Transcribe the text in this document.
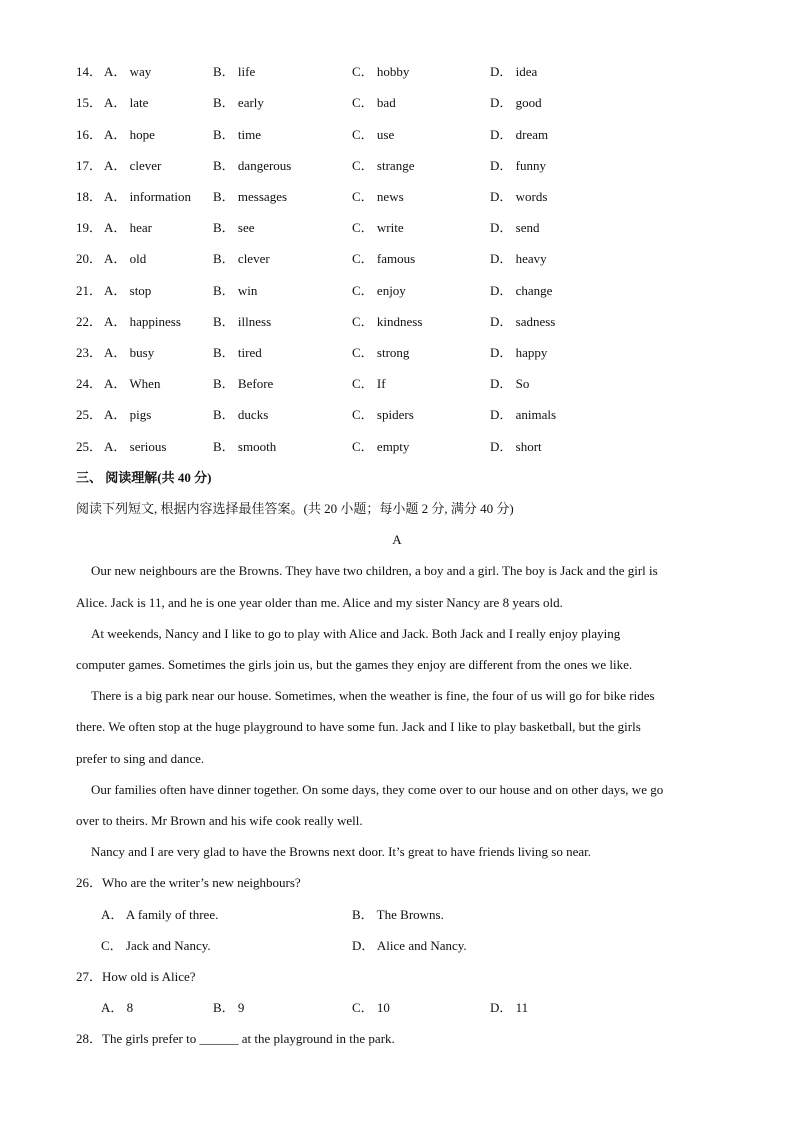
14． A． way	B． life	C． hobby	D． idea
15． A． late	B． early	C． bad	D． good
16． A． hope	B． time	C． use	D． dream
17． A． clever	B． dangerous	C． strange	D． funny
18． A． information B． messages	C． news	D． words
19． A． hear	B． see	C． write	D． send
20． A． old	B． clever	C． famous	D． heavy
21． A． stop	B． win	C． enjoy	D． change
22． A． happiness B． illness	C． kindness	D． sadness
23． A． busy	B． tired	C． strong	D． happy
24． A． When	B． Before	C． If	D． So
25． A． pigs	B． ducks	C． spiders	D． animals
25． A． serious	B． smooth	C． empty	D． short
三、 阅读理解(共 40 分)
阅读下列短文, 根据内容选择最佳答案。(共 20 小题；每小题 2 分, 满分 40 分)
A
Our new neighbours are the Browns. They have two children, a boy and a girl. The boy is Jack and the girl is
Alice. Jack is 11, and he is one year older than me. Alice and my sister Nancy are 8 years old.
At weekends, Nancy and I like to go to play with Alice and Jack. Both Jack and I really enjoy playing
computer games. Sometimes the girls join us, but the games they enjoy are different from the ones we like.
There is a big park near our house. Sometimes, when the weather is fine, the four of us will go for bike rides
there. We often stop at the huge playground to have some fun. Jack and I like to play basketball, but the girls
prefer to sing and dance.
Our families often have dinner together. On some days, they come over to our house and on other days, we go
over to theirs. Mr Brown and his wife cook really well.
Nancy and I are very glad to have the Browns next door. It’s great to have friends living so near.
26．Who are the writer’s new neighbours?
A． A family of three.	B． The Browns.
C． Jack and Nancy.	D． Alice and Nancy.
27．How old is Alice?
A． 8	B． 9	C． 10	D． 11
28．The girls prefer to ______ at the playground in the park.
